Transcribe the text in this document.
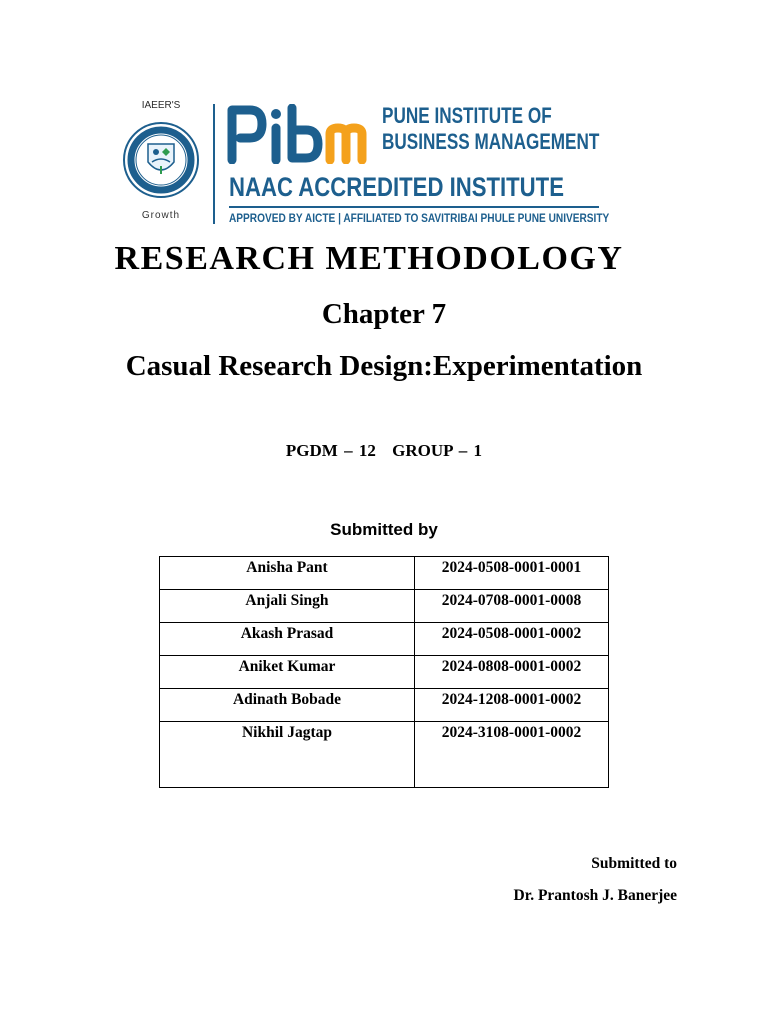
IAEER'S
Growth
PIBM	PUNE INSTITUTE OF
BUSINESS MANAGEMENT
NAAC ACCREDITED INSTITUTE
APPROVED BY AICTE | AFFILIATED TO SAVITRIBAI PHULE PUNE UNIVERSITY
RESEARCH METHODOLOGY
Chapter 7
Casual Research Design:Experimentation
PGDM – 12 GROUP – 1
Submitted by
Anisha Pant	2024-0508-0001-0001
Anjali Singh	2024-0708-0001-0008
Akash Prasad	2024-0508-0001-0002
Aniket Kumar	2024-0808-0001-0002
Adinath Bobade	2024-1208-0001-0002
Nikhil Jagtap	2024-3108-0001-0002
Submitted to
Dr. Prantosh J. Banerjee
